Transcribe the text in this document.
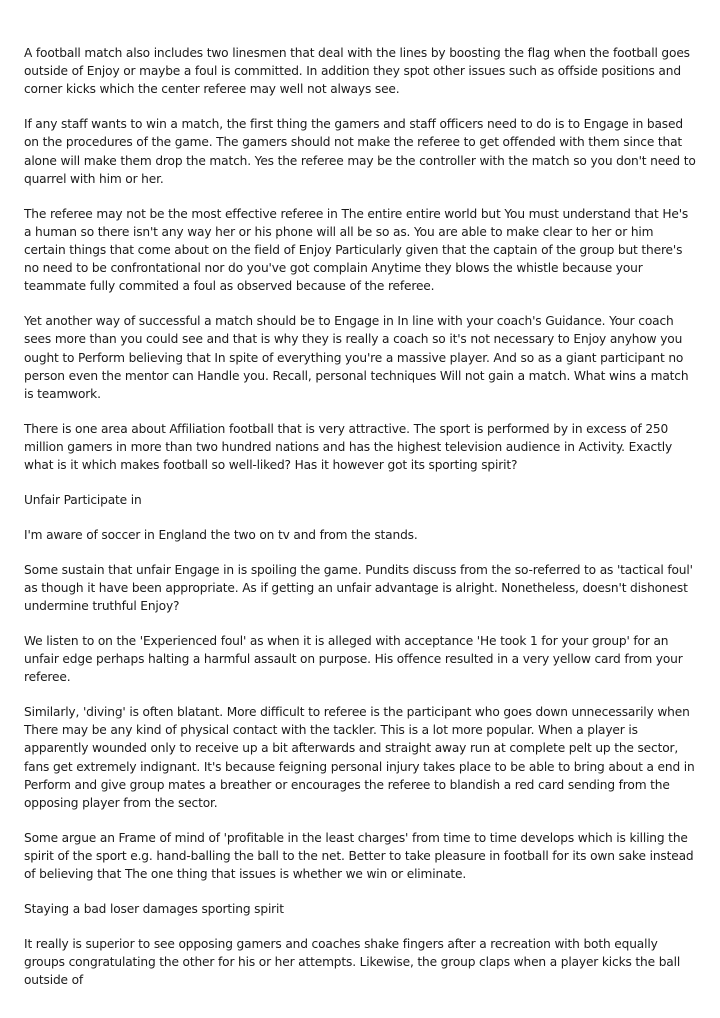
A football match also includes two linesmen that deal with the lines by boosting the flag when the football goes outside of Enjoy or maybe a foul is committed. In addition they spot other issues such as offside positions and corner kicks which the center referee may well not always see.

If any staff wants to win a match, the first thing the gamers and staff officers need to do is to Engage in based on the procedures of the game. The gamers should not make the referee to get offended with them since that alone will make them drop the match. Yes the referee may be the controller with the match so you don't need to quarrel with him or her.

The referee may not be the most effective referee in The entire entire world but You must understand that He's a human so there isn't any way her or his phone will all be so as. You are able to make clear to her or him certain things that come about on the field of Enjoy Particularly given that the captain of the group but there's no need to be confrontational nor do you've got complain Anytime they blows the whistle because your teammate fully commited a foul as observed because of the referee.

Yet another way of successful a match should be to Engage in In line with your coach's Guidance. Your coach sees more than you could see and that is why they is really a coach so it's not necessary to Enjoy anyhow you ought to Perform believing that In spite of everything you're a massive player. And so as a giant participant no person even the mentor can Handle you. Recall, personal techniques Will not gain a match. What wins a match is teamwork.

There is one area about Affiliation football that is very attractive. The sport is performed by in excess of 250 million gamers in more than two hundred nations and has the highest television audience in Activity. Exactly what is it which makes football so well-liked? Has it however got its sporting spirit?

Unfair Participate in

I'm aware of soccer in England the two on tv and from the stands.

Some sustain that unfair Engage in is spoiling the game. Pundits discuss from the so-referred to as 'tactical foul' as though it have been appropriate. As if getting an unfair advantage is alright. Nonetheless, doesn't dishonest undermine truthful Enjoy?

We listen to on the 'Experienced foul' as when it is alleged with acceptance 'He took 1 for your group' for an unfair edge perhaps halting a harmful assault on purpose. His offence resulted in a very yellow card from your referee.

Similarly, 'diving' is often blatant. More difficult to referee is the participant who goes down unnecessarily when There may be any kind of physical contact with the tackler. This is a lot more popular. When a player is apparently wounded only to receive up a bit afterwards and straight away run at complete pelt up the sector, fans get extremely indignant. It's because feigning personal injury takes place to be able to bring about a end in Perform and give group mates a breather or encourages the referee to blandish a red card sending from the opposing player from the sector.

Some argue an Frame of mind of 'profitable in the least charges' from time to time develops which is killing the spirit of the sport e.g. hand-balling the ball to the net. Better to take pleasure in football for its own sake instead of believing that The one thing that issues is whether we win or eliminate.

Staying a bad loser damages sporting spirit

It really is superior to see opposing gamers and coaches shake fingers after a recreation with both equally groups congratulating the other for his or her attempts. Likewise, the group claps when a player kicks the ball outside of
